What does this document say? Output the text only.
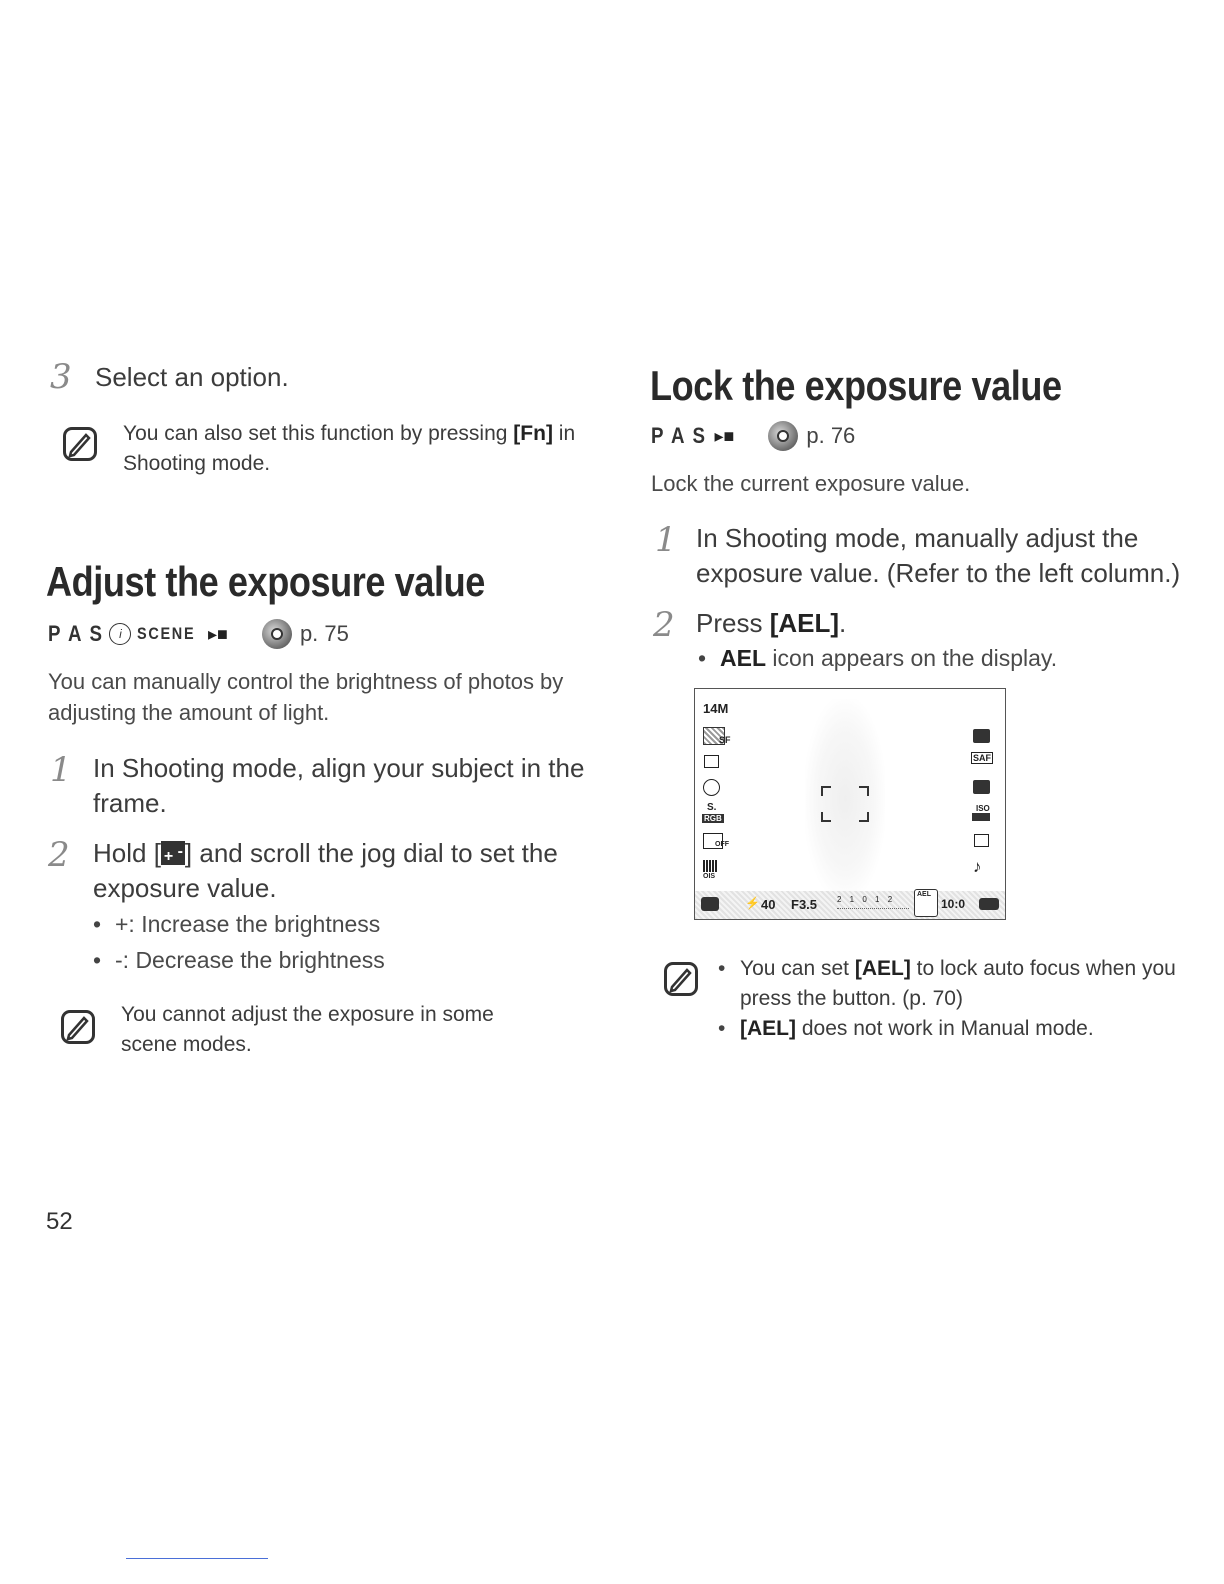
3 Select an option.
You can also set this function by pressing [Fn] in Shooting mode.
Adjust the exposure value
P A S	i SCENE ▸■	p. 75
You can manually control the brightness of photos by adjusting the amount of light.
1 In Shooting mode, align your subject in the frame.
2 Hold [ + - ] and scroll the jog dial to set the exposure value.
• +: Increase the brightness
• -: Decrease the brightness
You cannot adjust the exposure in some scene modes.
52
Lock the exposure value
P A S ▸■	p. 76
Lock the current exposure value.
1 In Shooting mode, manually adjust the exposure value. (Refer to the left column.)
2 Press [AEL].
• AEL icon appears on the display.
14M
SF
S.
RGB
OFF
OIS
SAF
ISO
♪
⚡ 40 F3.5 2 1 0 1 2
AEL
10:0
• You can set [AEL] to lock auto focus when you press the button. (p. 70)
• [AEL] does not work in Manual mode.
